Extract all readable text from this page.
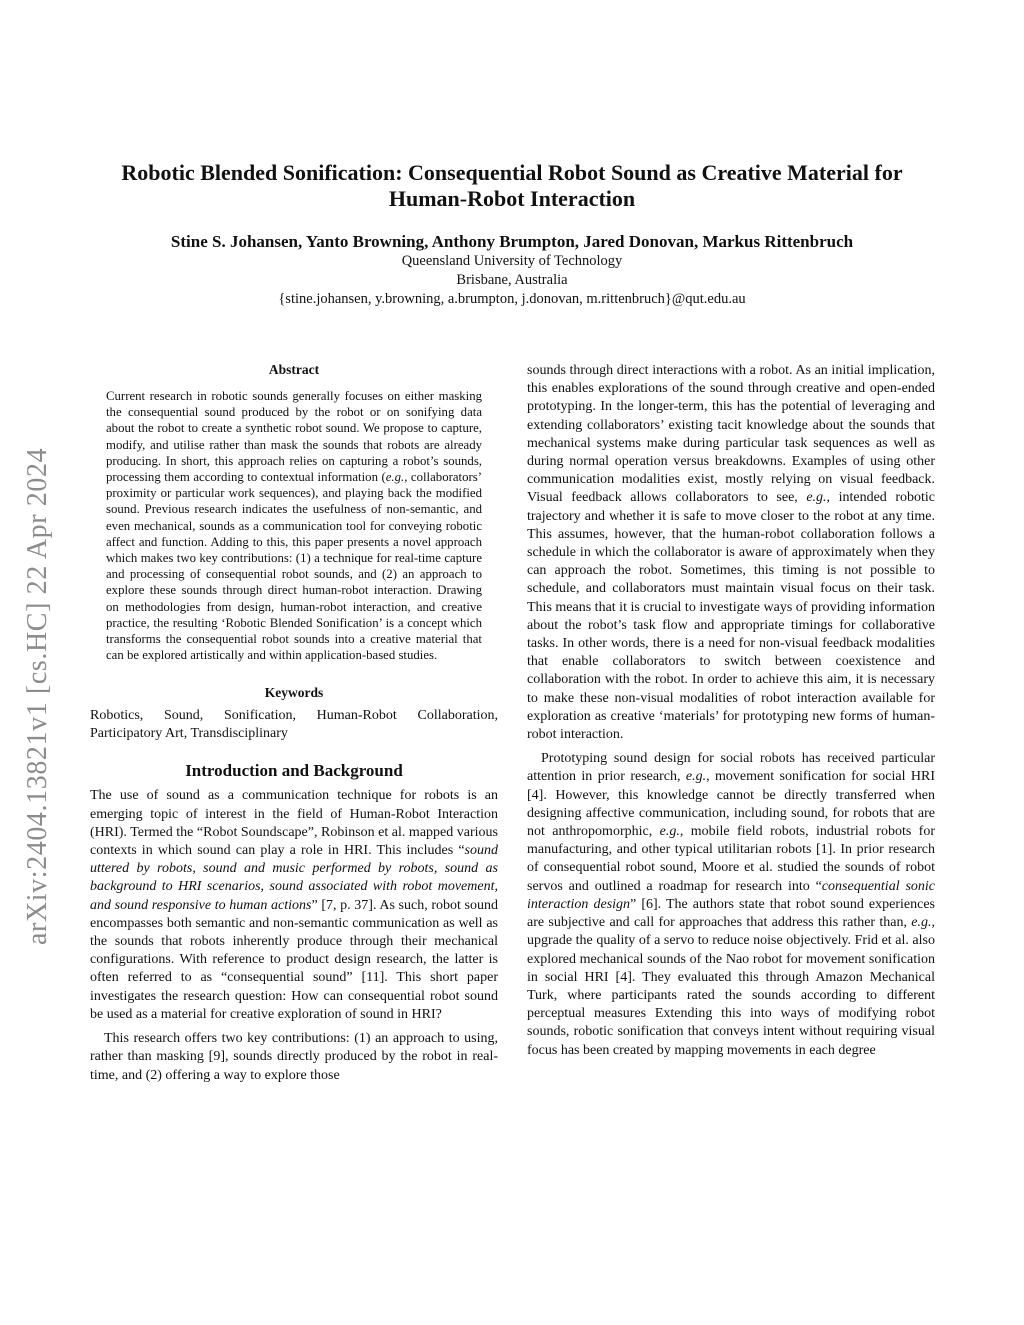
Robotic Blended Sonification: Consequential Robot Sound as Creative Material for Human-Robot Interaction
Stine S. Johansen, Yanto Browning, Anthony Brumpton, Jared Donovan, Markus Rittenbruch
Queensland University of Technology
Brisbane, Australia
{stine.johansen, y.browning, a.brumpton, j.donovan, m.rittenbruch}@qut.edu.au
arXiv:2404.13821v1 [cs.HC] 22 Apr 2024
Abstract

Current research in robotic sounds generally focuses on either masking the consequential sound produced by the robot or on sonifying data about the robot to create a synthetic robot sound. We propose to capture, modify, and utilise rather than mask the sounds that robots are already producing. In short, this approach relies on capturing a robot’s sounds, processing them according to contextual information (e.g., collaborators’ proximity or particular work sequences), and playing back the modified sound. Previous research indicates the usefulness of non-semantic, and even mechanical, sounds as a communication tool for conveying robotic affect and function. Adding to this, this paper presents a novel approach which makes two key contributions: (1) a technique for real-time capture and processing of consequential robot sounds, and (2) an approach to explore these sounds through direct human-robot interaction. Drawing on methodologies from design, human-robot interaction, and creative practice, the resulting ‘Robotic Blended Sonification’ is a concept which transforms the consequential robot sounds into a creative material that can be explored artistically and within application-based studies.

Keywords

Robotics, Sound, Sonification, Human-Robot Collaboration, Participatory Art, Transdisciplinary

Introduction and Background

The use of sound as a communication technique for robots is an emerging topic of interest in the field of Human-Robot Interaction (HRI). Termed the “Robot Soundscape”, Robinson et al. mapped various contexts in which sound can play a role in HRI. This includes “sound uttered by robots, sound and music performed by robots, sound as background to HRI scenarios, sound associated with robot movement, and sound responsive to human actions” [7, p. 37]. As such, robot sound encompasses both semantic and non-semantic communication as well as the sounds that robots inherently produce through their mechanical configurations. With reference to product design research, the latter is often referred to as “consequential sound” [11]. This short paper investigates the research question: How can consequential robot sound be used as a material for creative exploration of sound in HRI?

This research offers two key contributions: (1) an approach to using, rather than masking [9], sounds directly produced by the robot in real-time, and (2) offering a way to explore those

sounds through direct interactions with a robot. As an initial implication, this enables explorations of the sound through creative and open-ended prototyping. In the longer-term, this has the potential of leveraging and extending collaborators’ existing tacit knowledge about the sounds that mechanical systems make during particular task sequences as well as during normal operation versus breakdowns. Examples of using other communication modalities exist, mostly relying on visual feedback. Visual feedback allows collaborators to see, e.g., intended robotic trajectory and whether it is safe to move closer to the robot at any time. This assumes, however, that the human-robot collaboration follows a schedule in which the collaborator is aware of approximately when they can approach the robot. Sometimes, this timing is not possible to schedule, and collaborators must maintain visual focus on their task. This means that it is crucial to investigate ways of providing information about the robot’s task flow and appropriate timings for collaborative tasks. In other words, there is a need for non-visual feedback modalities that enable collaborators to switch between coexistence and collaboration with the robot. In order to achieve this aim, it is necessary to make these non-visual modalities of robot interaction available for exploration as creative ‘materials’ for prototyping new forms of human-robot interaction.

Prototyping sound design for social robots has received particular attention in prior research, e.g., movement sonification for social HRI [4]. However, this knowledge cannot be directly transferred when designing affective communication, including sound, for robots that are not anthropomorphic, e.g., mobile field robots, industrial robots for manufacturing, and other typical utilitarian robots [1]. In prior research of consequential robot sound, Moore et al. studied the sounds of robot servos and outlined a roadmap for research into “consequential sonic interaction design” [6]. The authors state that robot sound experiences are subjective and call for approaches that address this rather than, e.g., upgrade the quality of a servo to reduce noise objectively. Frid et al. also explored mechanical sounds of the Nao robot for movement sonification in social HRI [4]. They evaluated this through Amazon Mechanical Turk, where participants rated the sounds according to different perceptual measures Extending this into ways of modifying robot sounds, robotic sonification that conveys intent without requiring visual focus has been created by mapping movements in each degree
